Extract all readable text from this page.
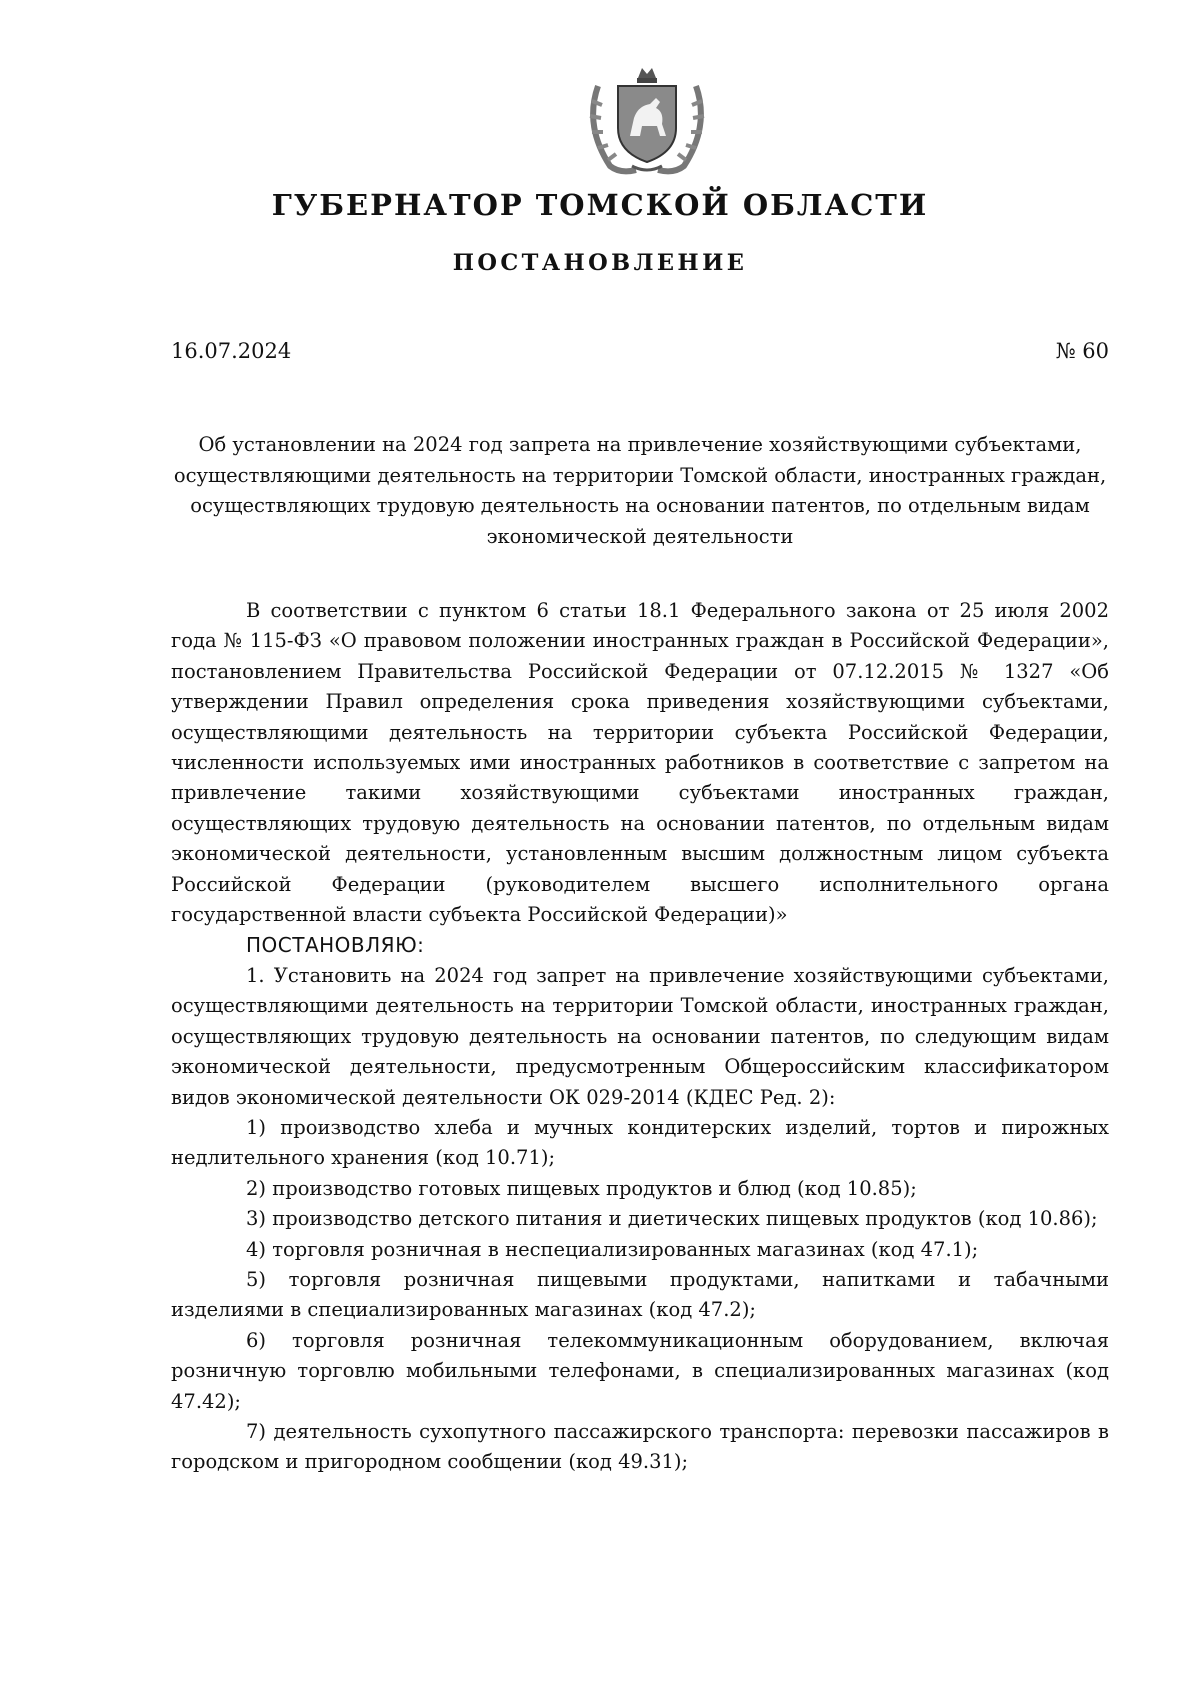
ГУБЕРНАТОР ТОМСКОЙ ОБЛАСТИ
ПОСТАНОВЛЕНИЕ
16.07.2024	№ 60
Об установлении на 2024 год запрета на привлечение хозяйствующими субъектами, осуществляющими деятельность на территории Томской области, иностранных граждан, осуществляющих трудовую деятельность на основании патентов, по отдельным видам экономической деятельности

В соответствии с пунктом 6 статьи 18.1 Федерального закона от 25 июля 2002 года № 115-ФЗ «О правовом положении иностранных граждан в Российской Федерации», постановлением Правительства Российской Федерации от 07.12.2015 № 1327 «Об утверждении Правил определения срока приведения хозяйствующими субъектами, осуществляющими деятельность на территории субъекта Российской Федерации, численности используемых ими иностранных работников в соответствие с запретом на привлечение такими хозяйствующими субъектами иностранных граждан, осуществляющих трудовую деятельность на основании патентов, по отдельным видам экономической деятельности, установленным высшим должностным лицом субъекта Российской Федерации (руководителем высшего исполнительного органа государственной власти субъекта Российской Федерации)»

ПОСТАНОВЛЯЮ:

1. Установить на 2024 год запрет на привлечение хозяйствующими субъектами, осуществляющими деятельность на территории Томской области, иностранных граждан, осуществляющих трудовую деятельность на основании патентов, по следующим видам экономической деятельности, предусмотренным Общероссийским классификатором видов экономической деятельности ОК 029-2014 (КДЕС Ред. 2):

1) производство хлеба и мучных кондитерских изделий, тортов и пирожных недлительного хранения (код 10.71);

2) производство готовых пищевых продуктов и блюд (код 10.85);

3) производство детского питания и диетических пищевых продуктов (код 10.86);

4) торговля розничная в неспециализированных магазинах (код 47.1);

5) торговля розничная пищевыми продуктами, напитками и табачными изделиями в специализированных магазинах (код 47.2);

6) торговля розничная телекоммуникационным оборудованием, включая розничную торговлю мобильными телефонами, в специализированных магазинах (код 47.42);

7) деятельность сухопутного пассажирского транспорта: перевозки пассажиров в городском и пригородном сообщении (код 49.31);
